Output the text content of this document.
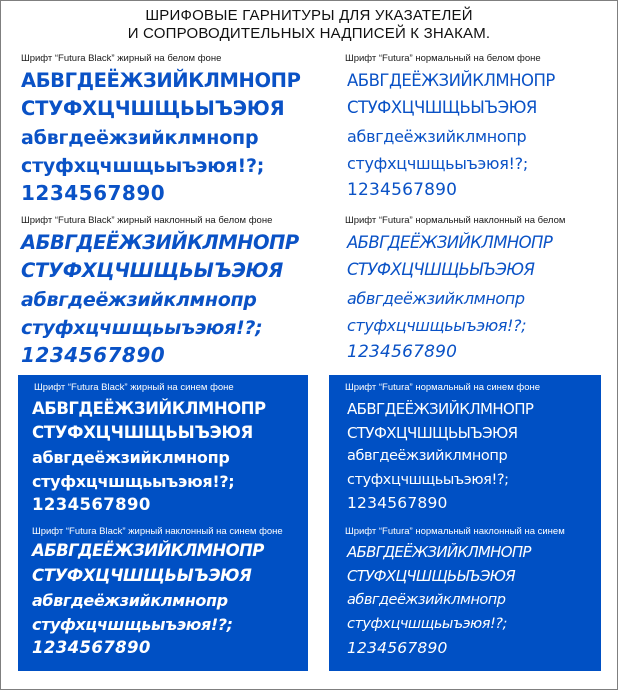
ШРИФОВЫЕ ГАРНИТУРЫ ДЛЯ УКАЗАТЕЛЕЙ
И СОПРОВОДИТЕЛЬНЫХ НАДПИСЕЙ К ЗНАКАМ.
Шрифт “Futura Black” жирный на белом фоне
АБВГДЕЁЖЗИЙКЛМНОПР
СТУФХЦЧШЩЬЫЪЭЮЯ
абвгдеёжзийклмнопр
стуфхцчшщьыъэюя!?;
1234567890
Шрифт “Futura” нормальный на белом фоне
АБВГДЕЁЖЗИЙКЛМНОПР
СТУФХЦЧШЩЬЫЪЭЮЯ
абвгдеёжзийклмнопр
стуфхцчшщьыъэюя!?;
1234567890
Шрифт “Futura Black” жирный наклонный на белом фоне
АБВГДЕЁЖЗИЙКЛМНОПР
СТУФХЦЧШЩЬЫЪЭЮЯ
абвгдеёжзийклмнопр
стуфхцчшщьыъэюя!?;
1234567890
Шрифт “Futura” нормальный наклонный на белом
АБВГДЕЁЖЗИЙКЛМНОПР
СТУФХЦЧШЩЬЫЪЭЮЯ
абвгдеёжзийклмнопр
стуфхцчшщьыъэюя!?;
1234567890
Шрифт “Futura Black” жирный на синем фоне
АБВГДЕЁЖЗИЙКЛМНОПР
СТУФХЦЧШЩЬЫЪЭЮЯ
абвгдеёжзийклмнопр
стуфхцчшщьыъэюя!?;
1234567890
Шрифт “Futura” нормальный на синем фоне
АБВГДЕЁЖЗИЙКЛМНОПР
СТУФХЦЧШЩЬЫЪЭЮЯ
абвгдеёжзийклмнопр
стуфхцчшщьыъэюя!?;
1234567890
Шрифт “Futura Black” жирный наклонный на синем фоне
АБВГДЕЁЖЗИЙКЛМНОПР
СТУФХЦЧШЩЬЫЪЭЮЯ
абвгдеёжзийклмнопр
стуфхцчшщьыъэюя!?;
1234567890
Шрифт “Futura” нормальный наклонный на синем
АБВГДЕЁЖЗИЙКЛМНОПР
СТУФХЦЧШЩЬЫЪЭЮЯ
абвгдеёжзийклмнопр
стуфхцчшщьыъэюя!?;
1234567890
